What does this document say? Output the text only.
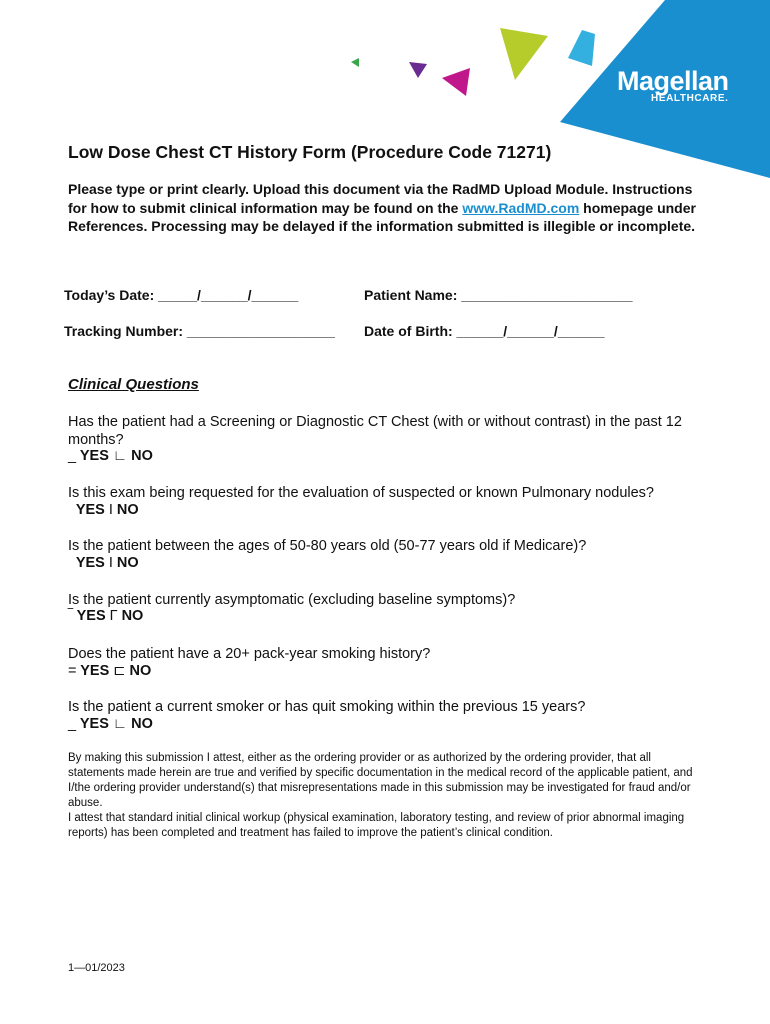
Magellan
HEALTHCARE.
Low Dose Chest CT History Form (Procedure Code 71271)
Please type or print clearly. Upload this document via the RadMD Upload Module. Instructions for how to submit clinical information may be found on the www.RadMD.com homepage under References. Processing may be delayed if the information submitted is illegible or incomplete.
Today’s Date: _____/______/______	Patient Name: ______________________
Tracking Number: ___________________ Date of Birth: ______/______/______
Clinical Questions
Has the patient had a Screening or Diagnostic CT Chest (with or without contrast) in the past 12 months?
_ YES ∟ NO
Is this exam being requested for the evaluation of suspected or known Pulmonary nodules?
YES I NO
Is the patient between the ages of 50-80 years old (50-77 years old if Medicare)?
YES I NO
Is the patient currently asymptomatic (excluding baseline symptoms)?
‾ YES Г NO
Does the patient have a 20+ pack-year smoking history?
= YES ⊏ NO
Is the patient a current smoker or has quit smoking within the previous 15 years?
_ YES ∟ NO
By making this submission I attest, either as the ordering provider or as authorized by the ordering provider, that all statements made herein are true and verified by specific documentation in the medical record of the applicable patient, and I/the ordering provider understand(s) that misrepresentations made in this submission may be investigated for fraud and/or abuse.
I attest that standard initial clinical workup (physical examination, laboratory testing, and review of prior abnormal imaging reports) has been completed and treatment has failed to improve the patient’s clinical condition.
1—01/2023
